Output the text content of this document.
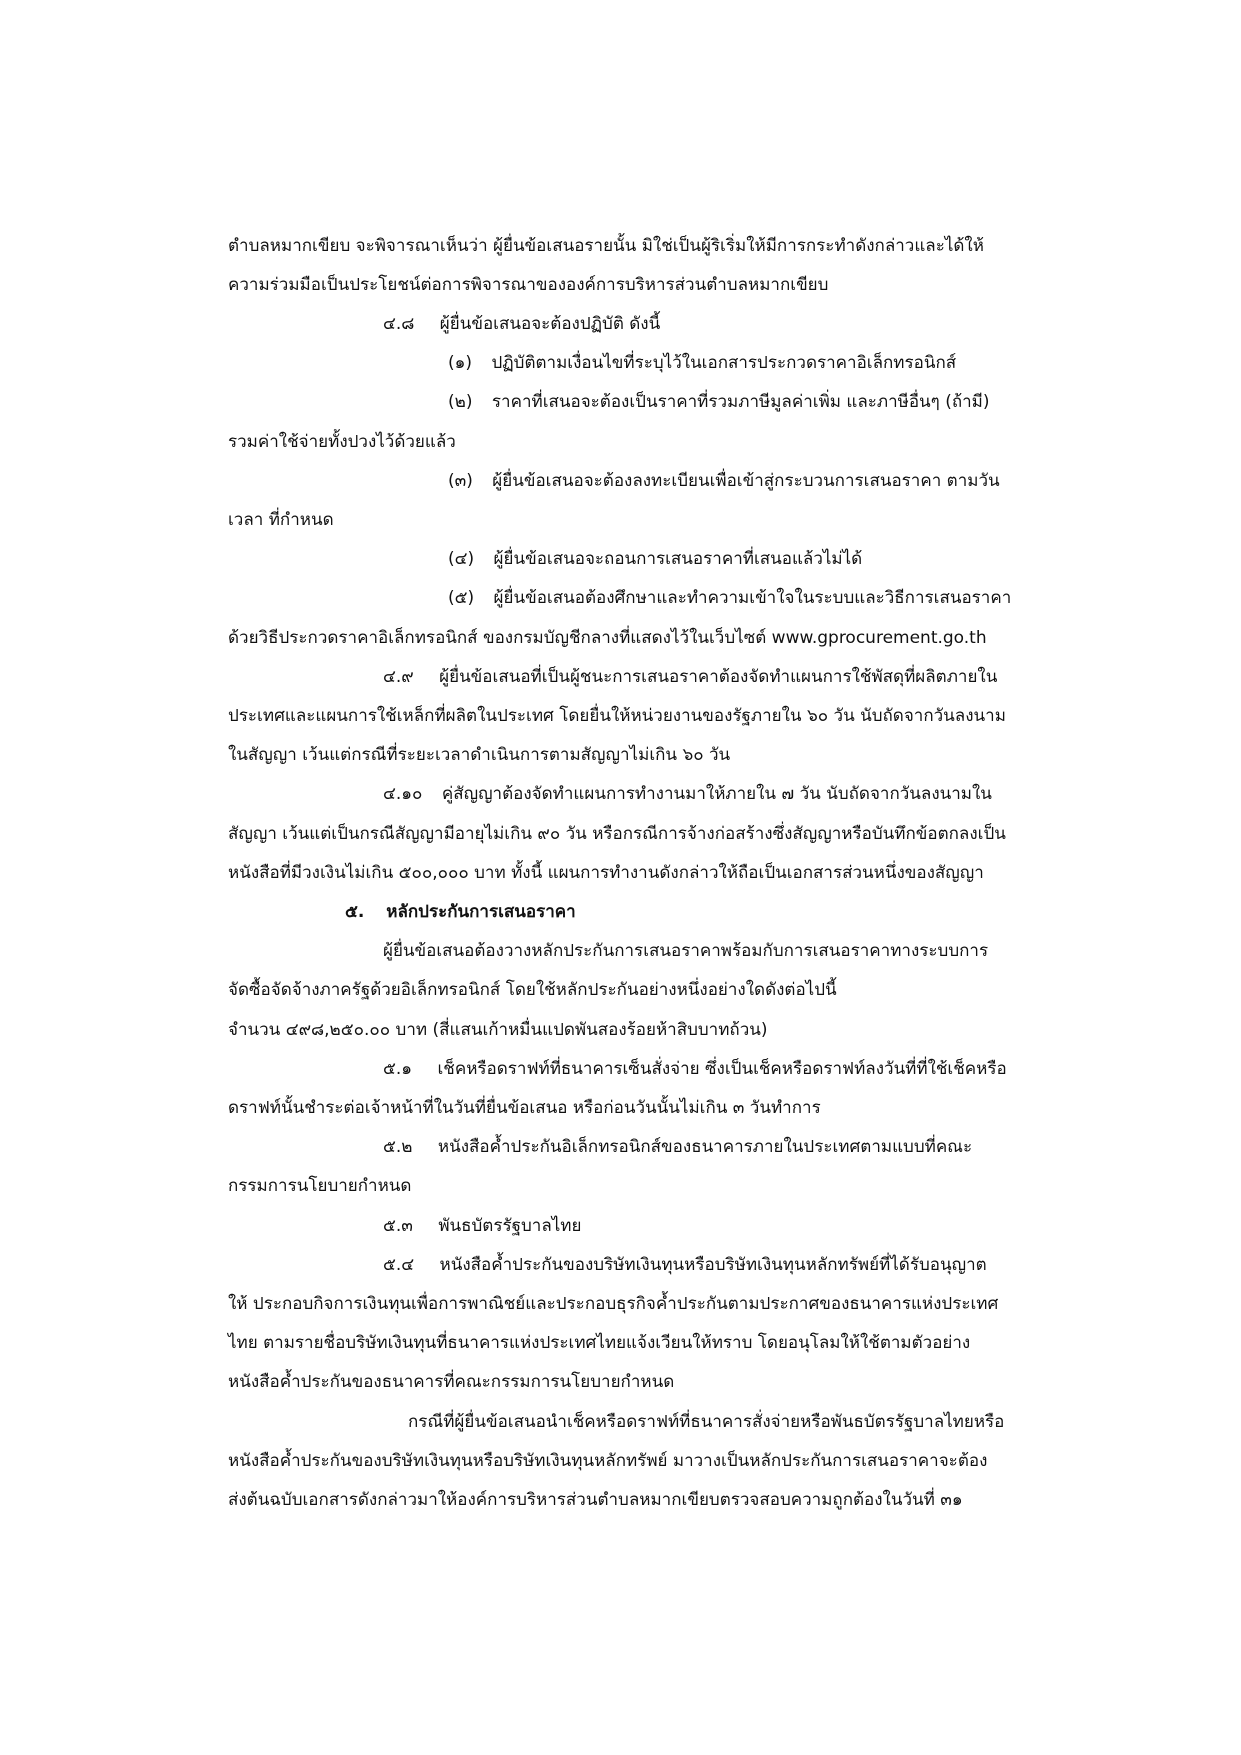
ตำบลหมากเขียบ จะพิจารณาเห็นว่า ผู้ยื่นข้อเสนอรายนั้น มิใช่เป็นผู้ริเริ่มให้มีการกระทำดังกล่าวและได้ให้
ความร่วมมือเป็นประโยชน์ต่อการพิจารณาขององค์การบริหารส่วนตำบลหมากเขียบ
๔.๘ ผู้ยื่นข้อเสนอจะต้องปฏิบัติ ดังนี้
(๑) ปฏิบัติตามเงื่อนไขที่ระบุไว้ในเอกสารประกวดราคาอิเล็กทรอนิกส์
(๒) ราคาที่เสนอจะต้องเป็นราคาที่รวมภาษีมูลค่าเพิ่ม และภาษีอื่นๆ (ถ้ามี)
รวมค่าใช้จ่ายทั้งปวงไว้ด้วยแล้ว
(๓) ผู้ยื่นข้อเสนอจะต้องลงทะเบียนเพื่อเข้าสู่กระบวนการเสนอราคา ตามวัน
เวลา ที่กำหนด
(๔) ผู้ยื่นข้อเสนอจะถอนการเสนอราคาที่เสนอแล้วไม่ได้
(๕) ผู้ยื่นข้อเสนอต้องศึกษาและทำความเข้าใจในระบบและวิธีการเสนอราคา
ด้วยวิธีประกวดราคาอิเล็กทรอนิกส์ ของกรมบัญชีกลางที่แสดงไว้ในเว็บไซต์ www.gprocurement.go.th
๔.๙ ผู้ยื่นข้อเสนอที่เป็นผู้ชนะการเสนอราคาต้องจัดทำแผนการใช้พัสดุที่ผลิตภายใน
ประเทศและแผนการใช้เหล็กที่ผลิตในประเทศ โดยยื่นให้หน่วยงานของรัฐภายใน ๖๐ วัน นับถัดจากวันลงนาม
ในสัญญา เว้นแต่กรณีที่ระยะเวลาดำเนินการตามสัญญาไม่เกิน ๖๐ วัน
๔.๑๐ คู่สัญญาต้องจัดทำแผนการทำงานมาให้ภายใน ๗ วัน นับถัดจากวันลงนามใน
สัญญา เว้นแต่เป็นกรณีสัญญามีอายุไม่เกิน ๙๐ วัน หรือกรณีการจ้างก่อสร้างซึ่งสัญญาหรือบันทึกข้อตกลงเป็น
หนังสือที่มีวงเงินไม่เกิน ๕๐๐,๐๐๐ บาท ทั้งนี้ แผนการทำงานดังกล่าวให้ถือเป็นเอกสารส่วนหนึ่งของสัญญา
๕. หลักประกันการเสนอราคา
ผู้ยื่นข้อเสนอต้องวางหลักประกันการเสนอราคาพร้อมกับการเสนอราคาทางระบบการ
จัดซื้อจัดจ้างภาครัฐด้วยอิเล็กทรอนิกส์ โดยใช้หลักประกันอย่างหนึ่งอย่างใดดังต่อไปนี้
จำนวน ๔๙๘,๒๕๐.๐๐ บาท (สี่แสนเก้าหมื่นแปดพันสองร้อยห้าสิบบาทถ้วน)
๕.๑ เช็คหรือดราฟท์ที่ธนาคารเซ็นสั่งจ่าย ซึ่งเป็นเช็คหรือดราฟท์ลงวันที่ที่ใช้เช็คหรือ
ดราฟท์นั้นชำระต่อเจ้าหน้าที่ในวันที่ยื่นข้อเสนอ หรือก่อนวันนั้นไม่เกิน ๓ วันทำการ
๕.๒ หนังสือค้ำประกันอิเล็กทรอนิกส์ของธนาคารภายในประเทศตามแบบที่คณะ
กรรมการนโยบายกำหนด
๕.๓ พันธบัตรรัฐบาลไทย
๕.๔ หนังสือค้ำประกันของบริษัทเงินทุนหรือบริษัทเงินทุนหลักทรัพย์ที่ได้รับอนุญาต
ให้ ประกอบกิจการเงินทุนเพื่อการพาณิชย์และประกอบธุรกิจค้ำประกันตามประกาศของธนาคารแห่งประเทศ
ไทย ตามรายชื่อบริษัทเงินทุนที่ธนาคารแห่งประเทศไทยแจ้งเวียนให้ทราบ โดยอนุโลมให้ใช้ตามตัวอย่าง
หนังสือค้ำประกันของธนาคารที่คณะกรรมการนโยบายกำหนด
กรณีที่ผู้ยื่นข้อเสนอนำเช็คหรือดราฟท์ที่ธนาคารสั่งจ่ายหรือพันธบัตรรัฐบาลไทยหรือ
หนังสือค้ำประกันของบริษัทเงินทุนหรือบริษัทเงินทุนหลักทรัพย์ มาวางเป็นหลักประกันการเสนอราคาจะต้อง
ส่งต้นฉบับเอกสารดังกล่าวมาให้องค์การบริหารส่วนตำบลหมากเขียบตรวจสอบความถูกต้องในวันที่ ๓๑
